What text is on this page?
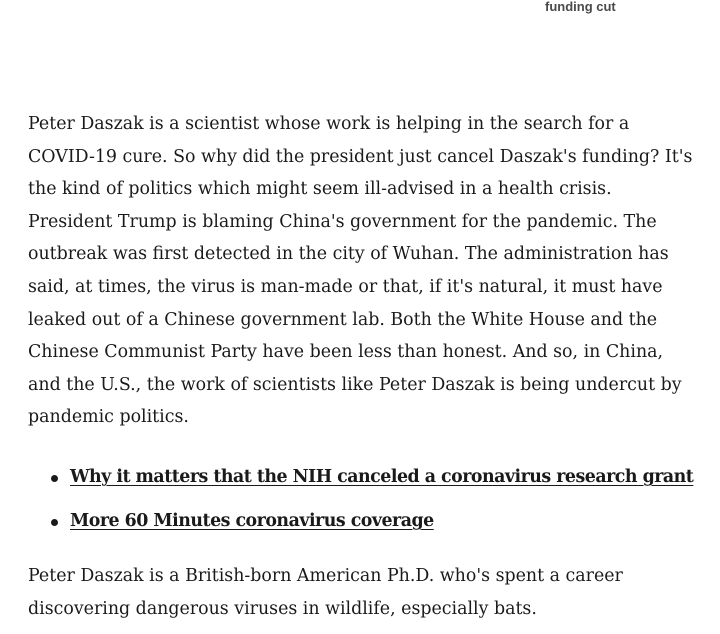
funding cut

Peter Daszak is a scientist whose work is helping in the search for a COVID-19 cure. So why did the president just cancel Daszak's funding? It's the kind of politics which might seem ill-advised in a health crisis. President Trump is blaming China's government for the pandemic. The outbreak was first detected in the city of Wuhan. The administration has said, at times, the virus is man-made or that, if it's natural, it must have leaked out of a Chinese government lab. Both the White House and the Chinese Communist Party have been less than honest. And so, in China, and the U.S., the work of scientists like Peter Daszak is being undercut by pandemic politics.

Why it matters that the NIH canceled a coronavirus research grant
More 60 Minutes coronavirus coverage

Peter Daszak is a British-born American Ph.D. who's spent a career discovering dangerous viruses in wildlife, especially bats.
